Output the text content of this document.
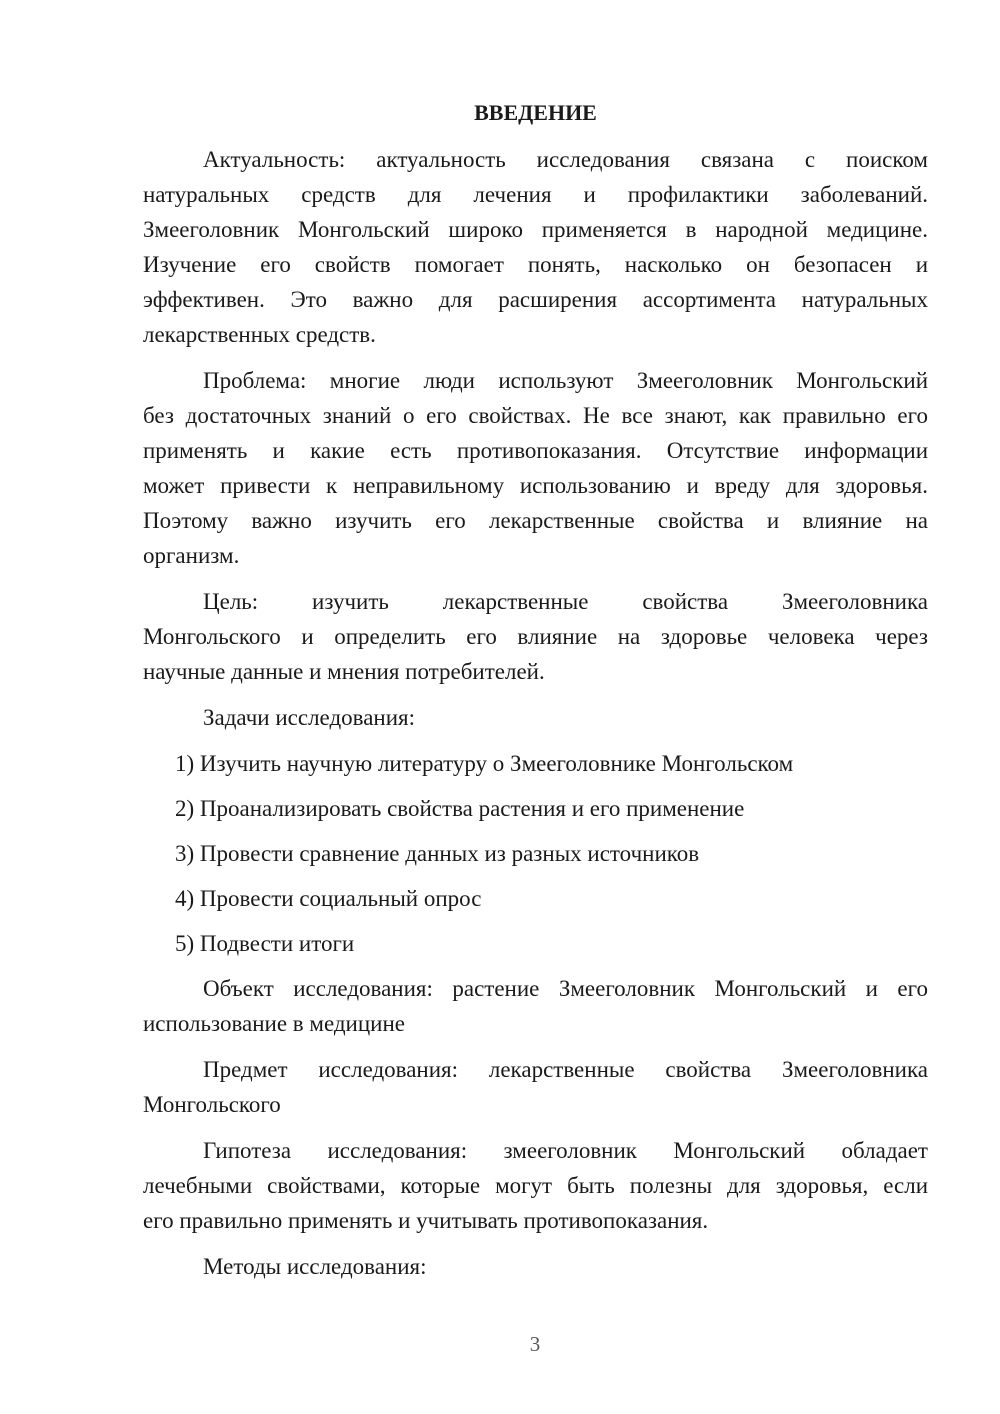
ВВЕДЕНИЕ
Актуальность: актуальность исследования связана с поиском
натуральных средств для лечения и профилактики заболеваний.
Змееголовник Монгольский широко применяется в народной медицине.
Изучение его свойств помогает понять, насколько он безопасен и
эффективен. Это важно для расширения ассортимента натуральных
лекарственных средств.
Проблема: многие люди используют Змееголовник Монгольский
без достаточных знаний о его свойствах. Не все знают, как правильно его
применять и какие есть противопоказания. Отсутствие информации
может привести к неправильному использованию и вреду для здоровья.
Поэтому важно изучить его лекарственные свойства и влияние на
организм.
Цель: изучить лекарственные свойства Змееголовника
Монгольского и определить его влияние на здоровье человека через
научные данные и мнения потребителей.
Задачи исследования:
1) Изучить научную литературу о Змееголовнике Монгольском
2) Проанализировать свойства растения и его применение
3) Провести сравнение данных из разных источников
4) Провести социальный опрос
5) Подвести итоги
Объект исследования: растение Змееголовник Монгольский и его
использование в медицине
Предмет исследования: лекарственные свойства Змееголовника
Монгольского
Гипотеза исследования: змееголовник Монгольский обладает
лечебными свойствами, которые могут быть полезны для здоровья, если
его правильно применять и учитывать противопоказания.
Методы исследования:
3
